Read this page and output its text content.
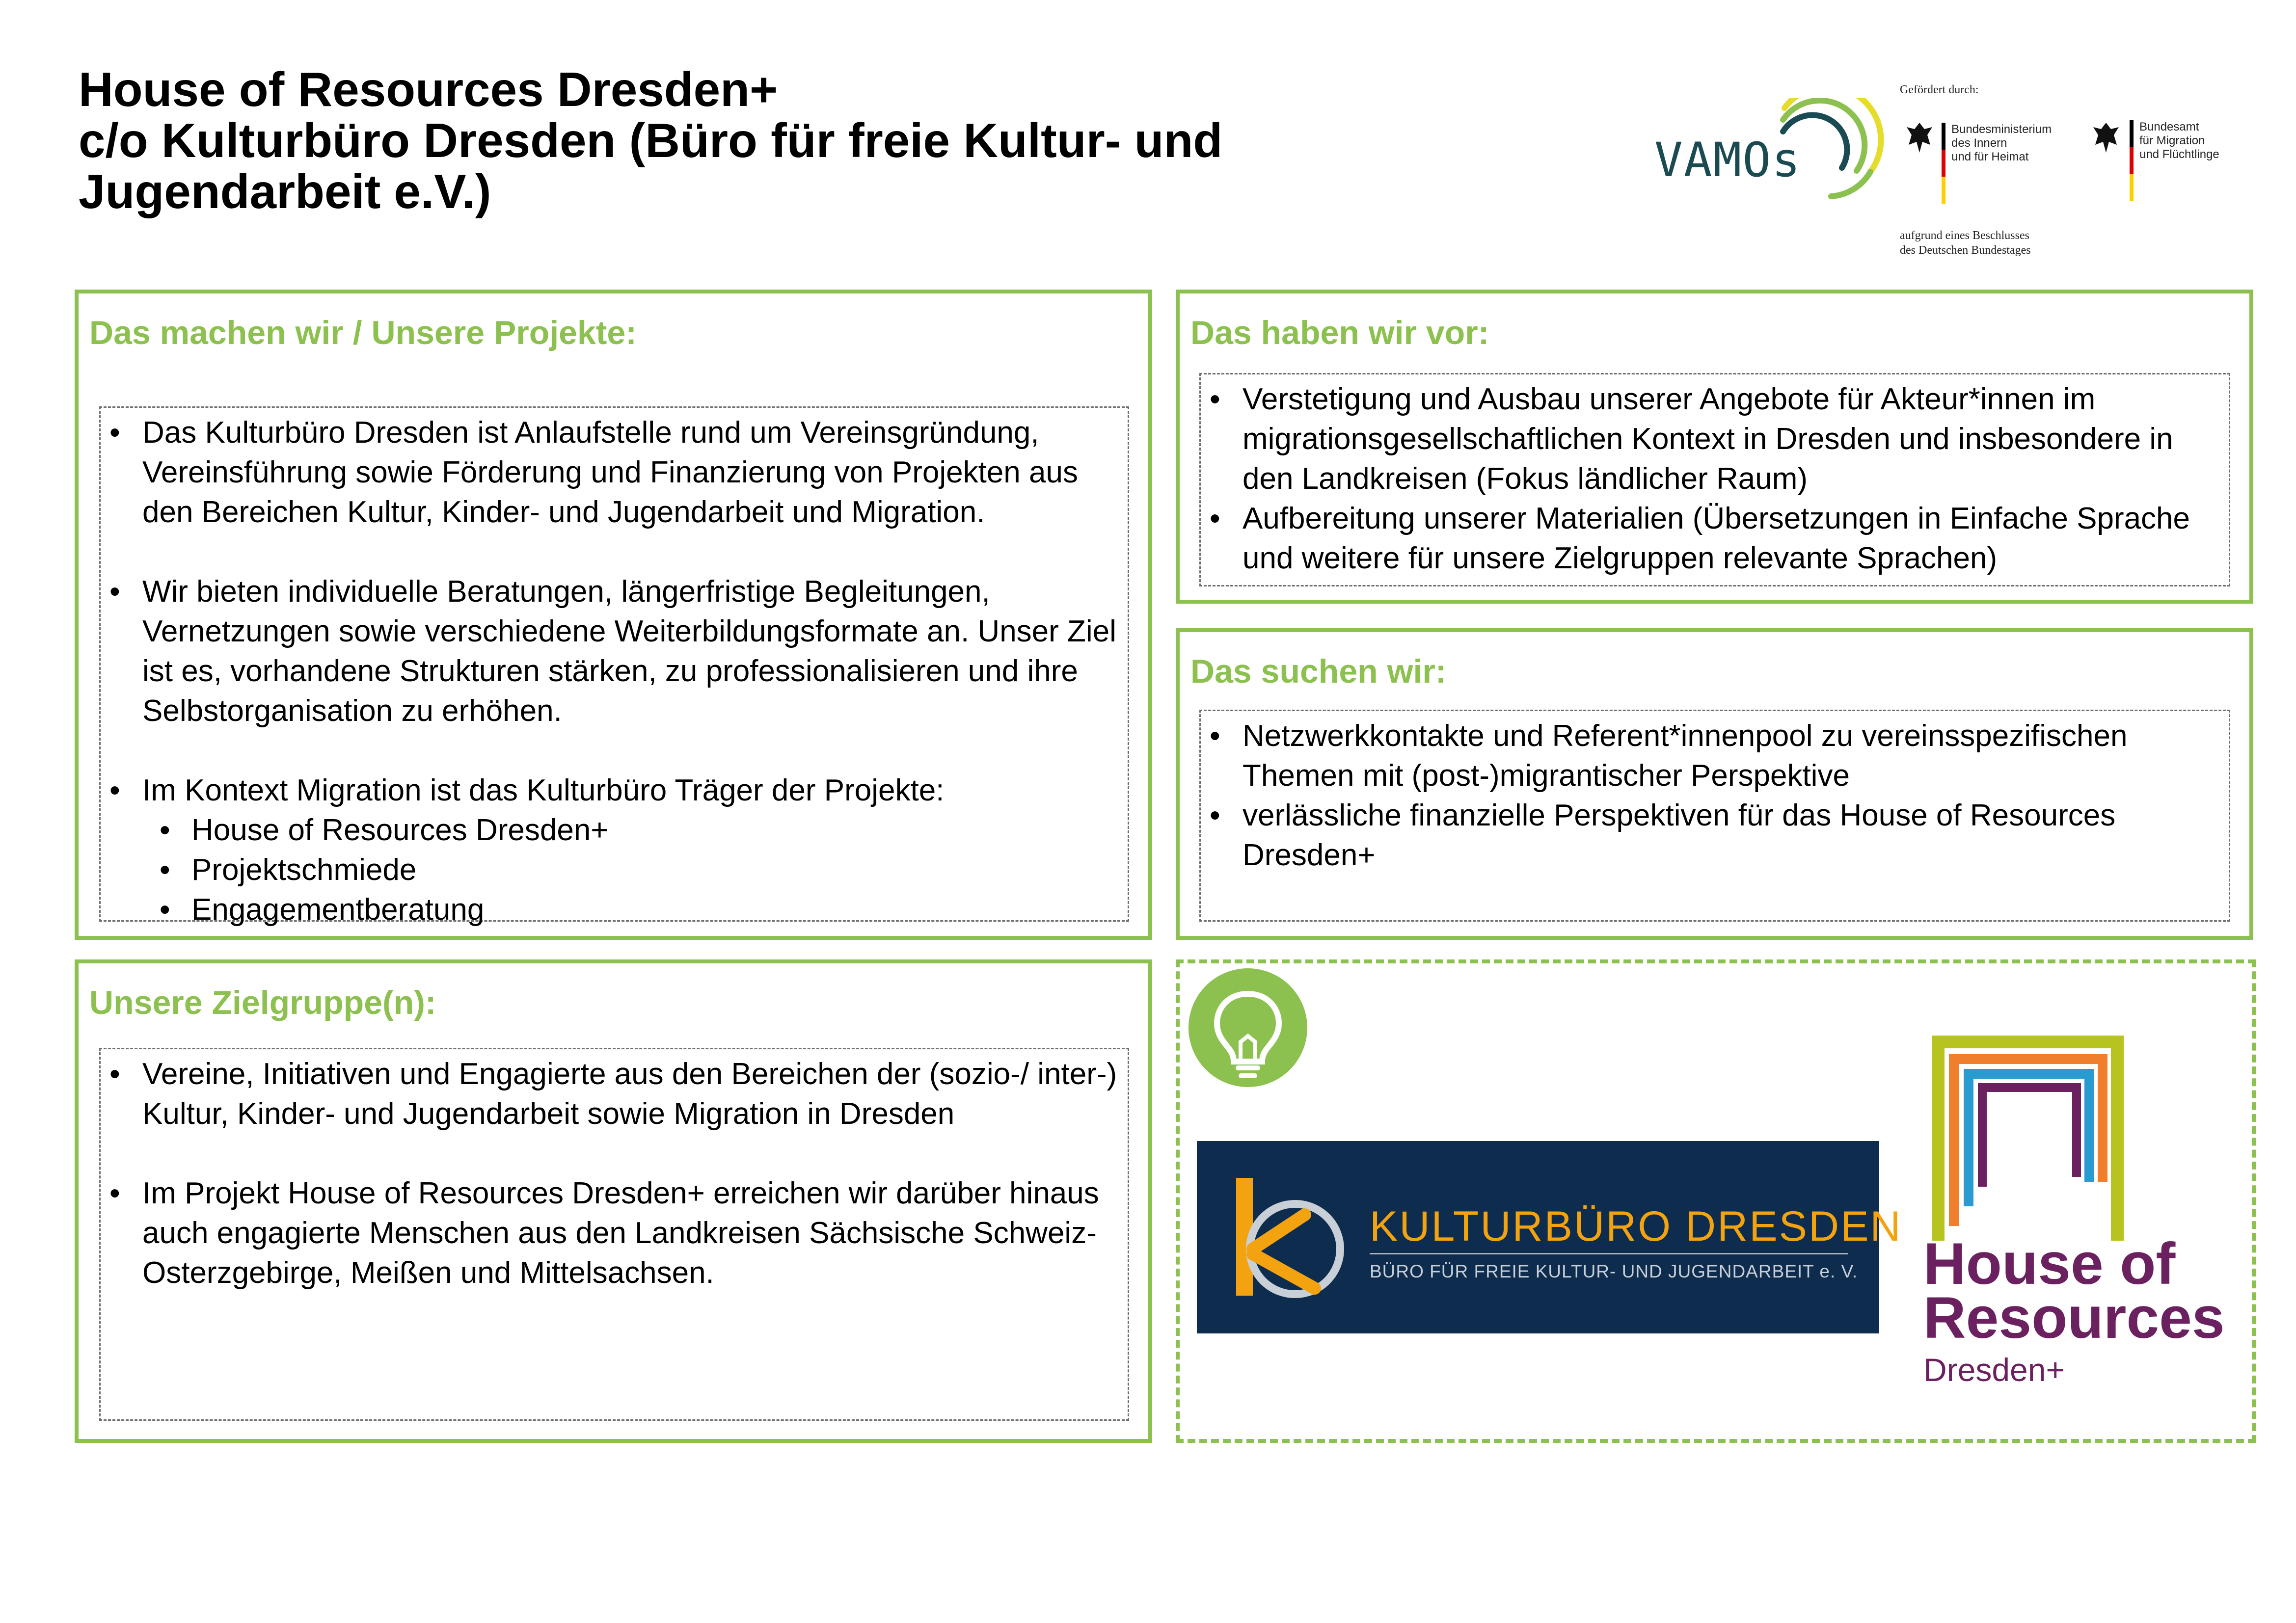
House of Resources Dresden+
c/o Kulturbüro Dresden (Büro für freie Kultur- und
Jugendarbeit e.V.)
VAMOs
Gefördert durch:
Bundesministerium
des Innern
und für Heimat
Bundesamt
für Migration
und Flüchtlinge
aufgrund eines Beschlusses
des Deutschen Bundestages
Das machen wir / Unsere Projekte:
• Das Kulturbüro Dresden ist Anlaufstelle rund um Vereinsgründung, Vereinsführung sowie Förderung und Finanzierung von Projekten aus den Bereichen Kultur, Kinder- und Jugendarbeit und Migration.
• Wir bieten individuelle Beratungen, längerfristige Begleitungen, Vernetzungen sowie verschiedene Weiterbildungsformate an. Unser Ziel ist es, vorhandene Strukturen stärken, zu professionalisieren und ihre Selbstorganisation zu erhöhen.
• Im Kontext Migration ist das Kulturbüro Träger der Projekte:
• House of Resources Dresden+
• Projektschmiede
• Engagementberatung
Das haben wir vor:
• Verstetigung und Ausbau unserer Angebote für Akteur*innen im migrationsgesellschaftlichen Kontext in Dresden und insbesondere in den Landkreisen (Fokus ländlicher Raum)
• Aufbereitung unserer Materialien (Übersetzungen in Einfache Sprache und weitere für unsere Zielgruppen relevante Sprachen)
Das suchen wir:
• Netzwerkkontakte und Referent*innenpool zu vereinsspezifischen Themen mit (post-)migrantischer Perspektive
• verlässliche finanzielle Perspektiven für das House of Resources Dresden+
Unsere Zielgruppe(n):
• Vereine, Initiativen und Engagierte aus den Bereichen der (sozio-/ inter-) Kultur, Kinder- und Jugendarbeit sowie Migration in Dresden
• Im Projekt House of Resources Dresden+ erreichen wir darüber hinaus auch engagierte Menschen aus den Landkreisen Sächsische Schweiz-Osterzgebirge, Meißen und Mittelsachsen.
KULTURBÜRO DRESDEN
BÜRO FÜR FREIE KULTUR- UND JUGENDARBEIT e. V. House of
Resources
Dresden+
